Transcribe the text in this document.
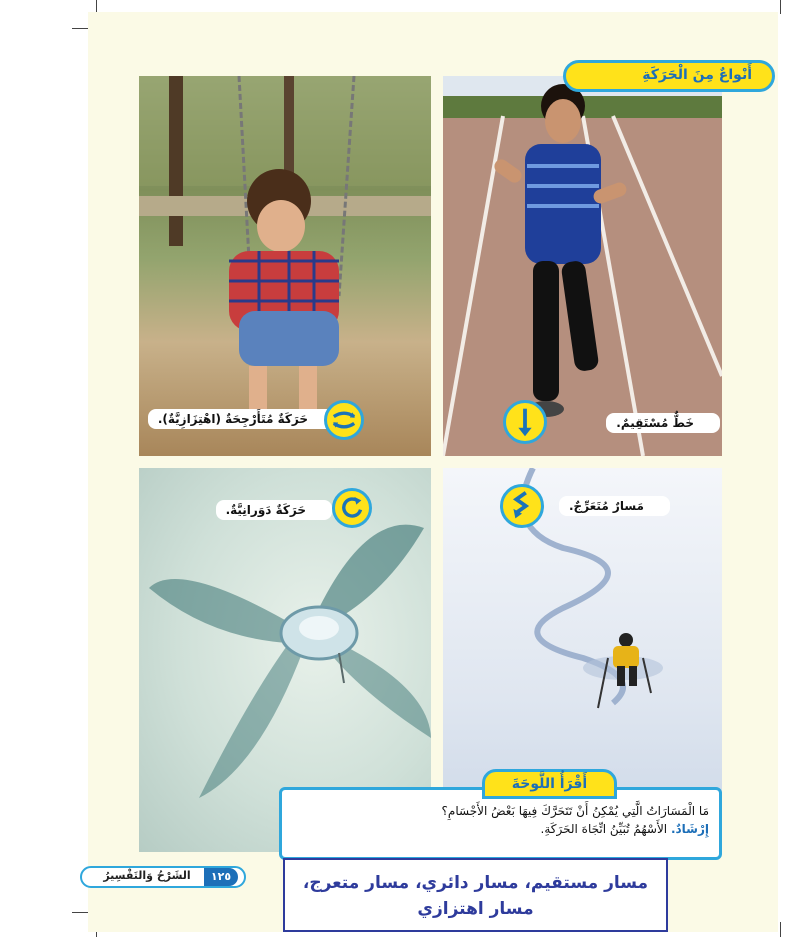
أَنْواعٌ مِنَ الْحَرَكَةِ
حَرَكَةٌ مُتَأَرْجِحَةٌ (اهْتِزَازِيَّةٌ).	خَطٌّ مُسْتَقِيمٌ.
حَرَكَةٌ دَوَرانِيَّةٌ.	مَسارٌ مُتَعَرِّجٌ.
مَا الْمَسَارَاتُ الَّتِي يُمْكِنُ أَنْ تَتَحَرَّكَ فِيهَا بَعْضُ الأَجْسَامِ؟
إِرْشَادٌ. الأَسْهُمُ تُبَيِّنُ اتِّجَاهَ الحَرَكَةِ.
أَقْرَأُ اللَّوحَةَ
مسار مستقيم، مسار دائري، مسار متعرج، مسار اهتزازي
الشَرْحُ وَالتَفْسِيرُ	١٢٥
